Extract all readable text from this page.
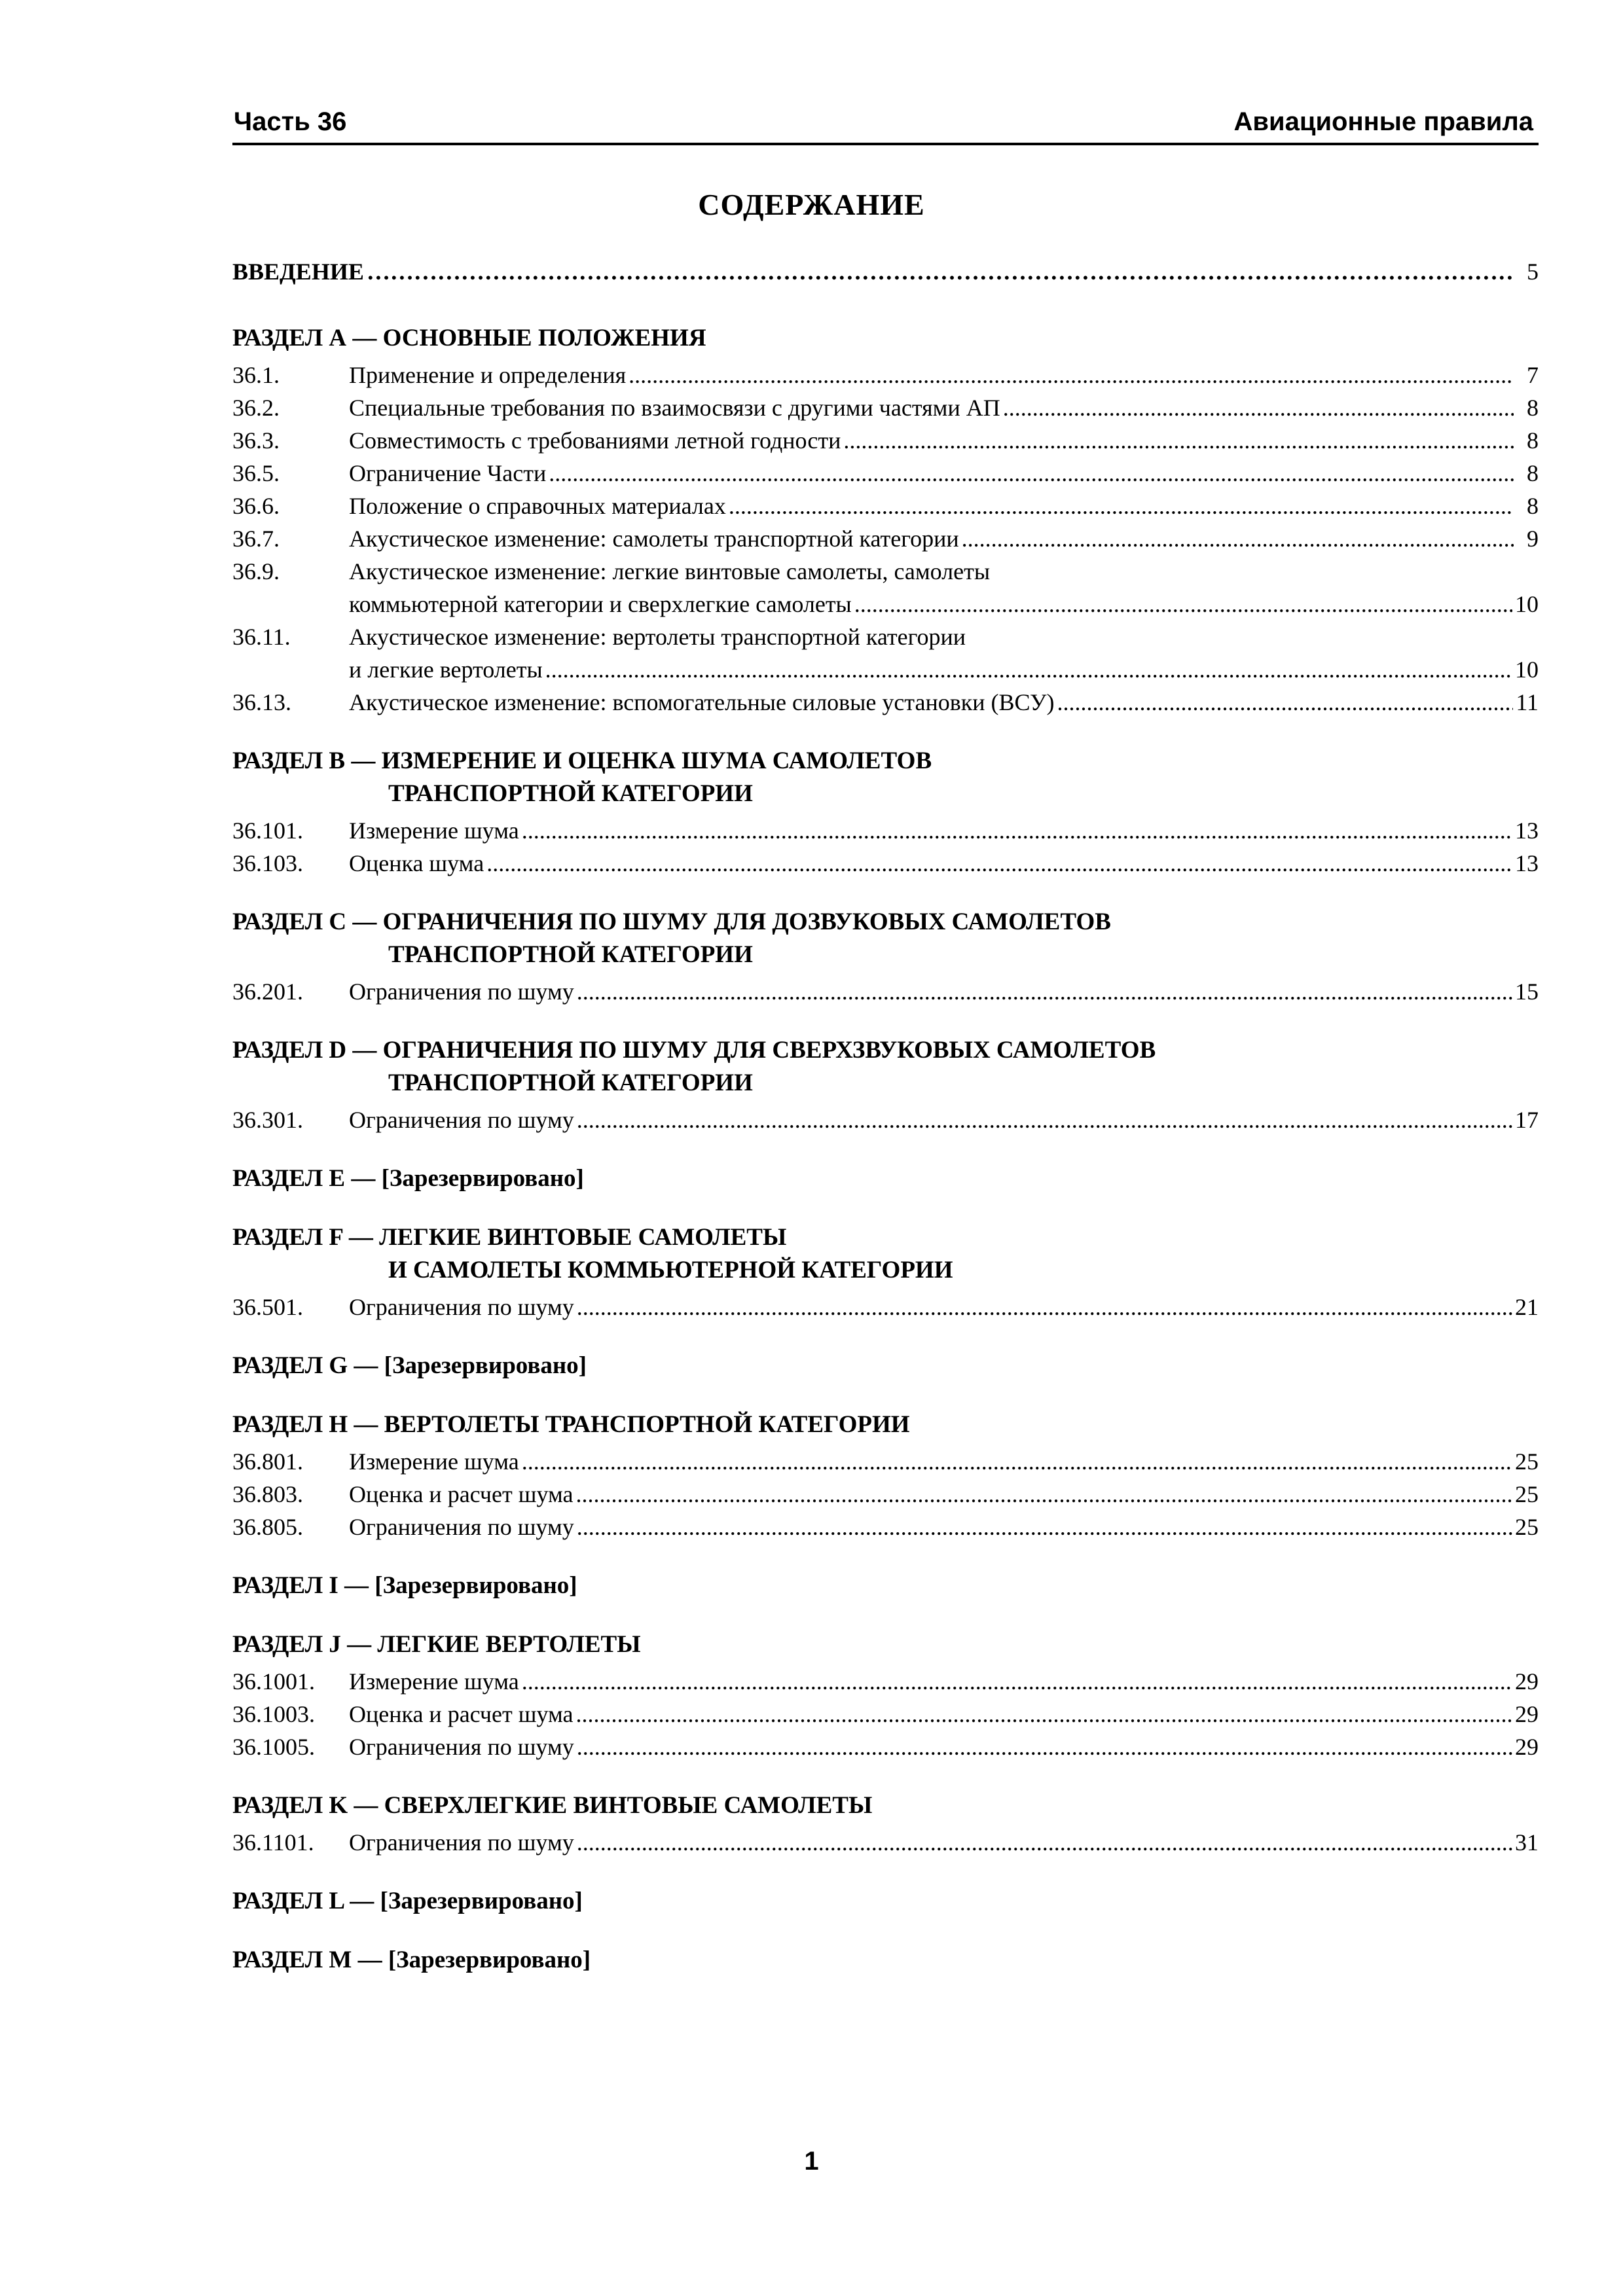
Часть 36	Авиационные правила
СОДЕРЖАНИЕ
ВВЕДЕНИЕ ………………………………………………………………………………………………………………………………………………………………………………………………………………………………………………………………………………………………………………………………………………………………………………………………………	5
РАЗДЕЛ А — ОСНОВНЫЕ ПОЛОЖЕНИЯ
36.1.	Применение и определения .....	7
36.2.	Специальные требования по взаимосвязи с другими частями АП .....	8
36.3.	Совместимость с требованиями летной годности .....	8
36.5.	Ограничение Части .....	8
36.6.	Положение о справочных материалах .....	8
36.7.	Акустическое изменение: самолеты транспортной категории .....	9
36.9.	Акустическое изменение: легкие винтовые самолеты, самолеты
коммьютерной категории и сверхлегкие самолеты .....	10
36.11.	Акустическое изменение: вертолеты транспортной категории
и легкие вертолеты .....	10
36.13.	Акустическое изменение: вспомогательные силовые установки (ВСУ) .....	11
РАЗДЕЛ В — ИЗМЕРЕНИЕ И ОЦЕНКА ШУМА САМОЛЕТОВ
ТРАНСПОРТНОЙ КАТЕГОРИИ
36.101.	Измерение шума .....	13
36.103.	Оценка шума .....	13
РАЗДЕЛ С — ОГРАНИЧЕНИЯ ПО ШУМУ ДЛЯ ДОЗВУКОВЫХ САМОЛЕТОВ
ТРАНСПОРТНОЙ КАТЕГОРИИ
36.201.	Ограничения по шуму .....	15
РАЗДЕЛ D — ОГРАНИЧЕНИЯ ПО ШУМУ ДЛЯ СВЕРХЗВУКОВЫХ САМОЛЕТОВ
ТРАНСПОРТНОЙ КАТЕГОРИИ
36.301.	Ограничения по шуму .....	17
РАЗДЕЛ E — [Зарезервировано]
РАЗДЕЛ F — ЛЕГКИЕ ВИНТОВЫЕ САМОЛЕТЫ
И САМОЛЕТЫ КОММЬЮТЕРНОЙ КАТЕГОРИИ
36.501.	Ограничения по шуму .....	21
РАЗДЕЛ G — [Зарезервировано]
РАЗДЕЛ H — ВЕРТОЛЕТЫ ТРАНСПОРТНОЙ КАТЕГОРИИ
36.801.	Измерение шума .....	25
36.803.	Оценка и расчет шума .....	25
36.805.	Ограничения по шуму .....	25
РАЗДЕЛ I — [Зарезервировано]
РАЗДЕЛ J — ЛЕГКИЕ ВЕРТОЛЕТЫ
36.1001.	Измерение шума .....	29
36.1003.	Оценка и расчет шума .....	29
36.1005.	Ограничения по шуму .....	29
РАЗДЕЛ K — СВЕРХЛЕГКИЕ ВИНТОВЫЕ САМОЛЕТЫ
36.1101.	Ограничения по шуму .....	31
РАЗДЕЛ L — [Зарезервировано]
РАЗДЕЛ M — [Зарезервировано]
1
